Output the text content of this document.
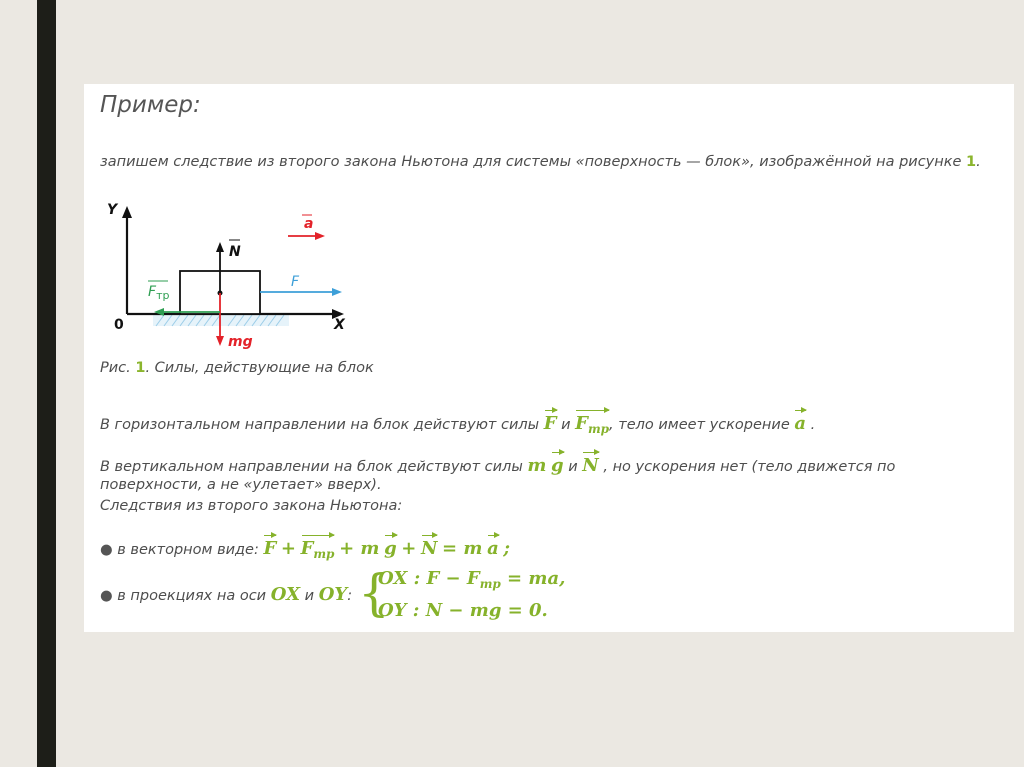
Пример:
запишем следствие из второго закона Ньютона для системы «поверхность — блок», изображённой на рисунке 1.
Y
X
0
N
mg
F
$F_{тр}$
a
Рис. 1. Силы, действующие на блок
В горизонтальном направлении на блок действуют силы F и $F_{тр}$, тело имеет ускорение a .
В вертикальном направлении на блок действуют силы m g и N , но ускорения нет (тело движется по
поверхности, а не «улетает» вверх).
Следствия из второго закона Ньютона:
● в векторном виде: $F + F_{тр} + m$ g + N = m a ;
● в проекциях на оси OX и OY: {
OX : $F - F_{тр}$ = ma,
OY : N − mg = 0.
